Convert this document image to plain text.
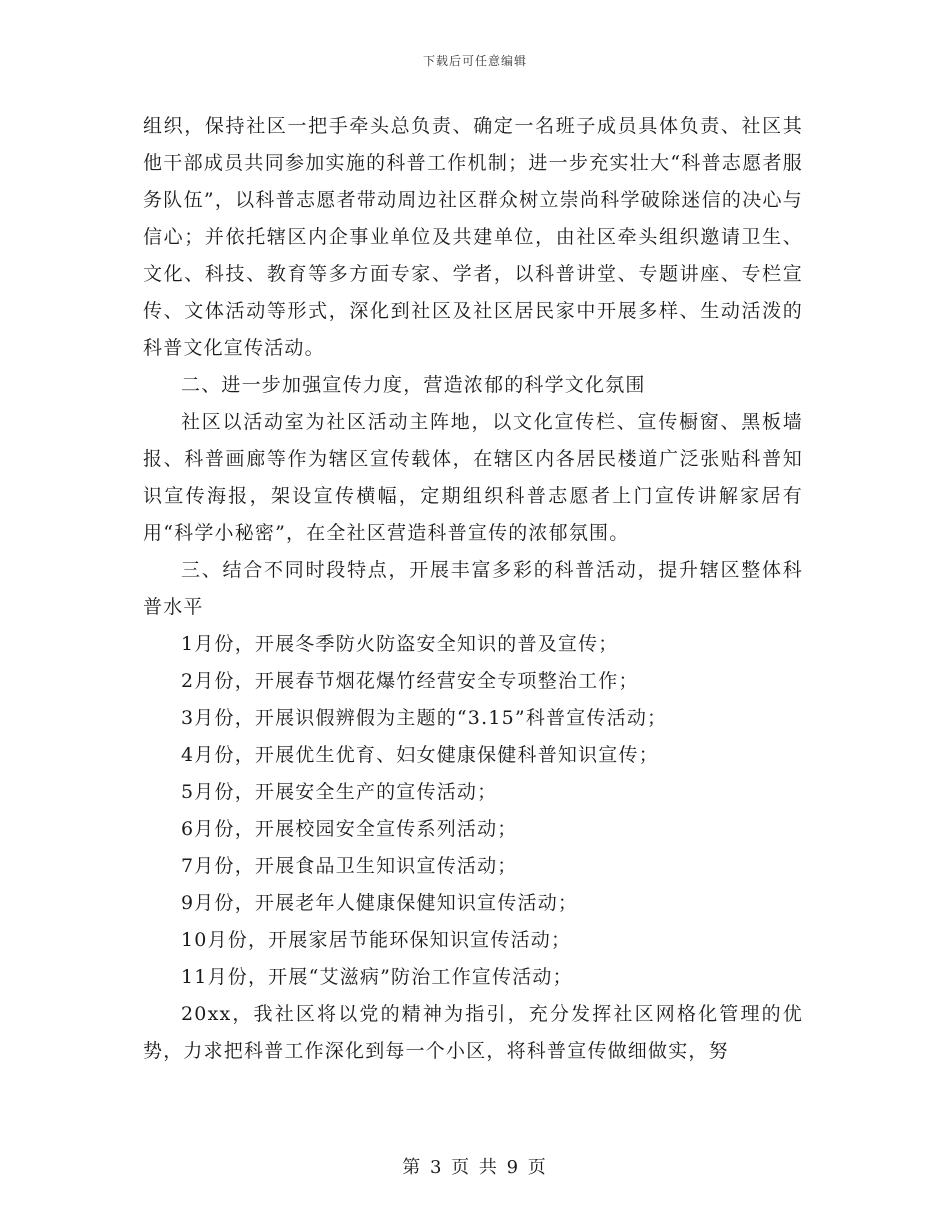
下载后可任意编辑

组织，保持社区一把手牵头总负责、确定一名班子成员具体负责、社区其他干部成员共同参加实施的科普工作机制；进一步充实壮大“科普志愿者服务队伍”，以科普志愿者带动周边社区群众树立崇尚科学破除迷信的决心与信心；并依托辖区内企事业单位及共建单位，由社区牵头组织邀请卫生、文化、科技、教育等多方面专家、学者，以科普讲堂、专题讲座、专栏宣传、文体活动等形式，深化到社区及社区居民家中开展多样、生动活泼的科普文化宣传活动。

二、进一步加强宣传力度，营造浓郁的科学文化氛围

社区以活动室为社区活动主阵地，以文化宣传栏、宣传橱窗、黑板墙报、科普画廊等作为辖区宣传载体，在辖区内各居民楼道广泛张贴科普知识宣传海报，架设宣传横幅，定期组织科普志愿者上门宣传讲解家居有用“科学小秘密”，在全社区营造科普宣传的浓郁氛围。

三、结合不同时段特点，开展丰富多彩的科普活动，提升辖区整体科普水平

1月份，开展冬季防火防盗安全知识的普及宣传；

2月份，开展春节烟花爆竹经营安全专项整治工作；

3月份，开展识假辨假为主题的“3.15”科普宣传活动；

4月份，开展优生优育、妇女健康保健科普知识宣传；

5月份，开展安全生产的宣传活动；

6月份，开展校园安全宣传系列活动；

7月份，开展食品卫生知识宣传活动；

9月份，开展老年人健康保健知识宣传活动；

10月份，开展家居节能环保知识宣传活动；

11月份，开展“艾滋病”防治工作宣传活动；

20xx，我社区将以党的精神为指引，充分发挥社区网格化管理的优势，力求把科普工作深化到每一个小区，将科普宣传做细做实，努

第 3 页 共 9 页
